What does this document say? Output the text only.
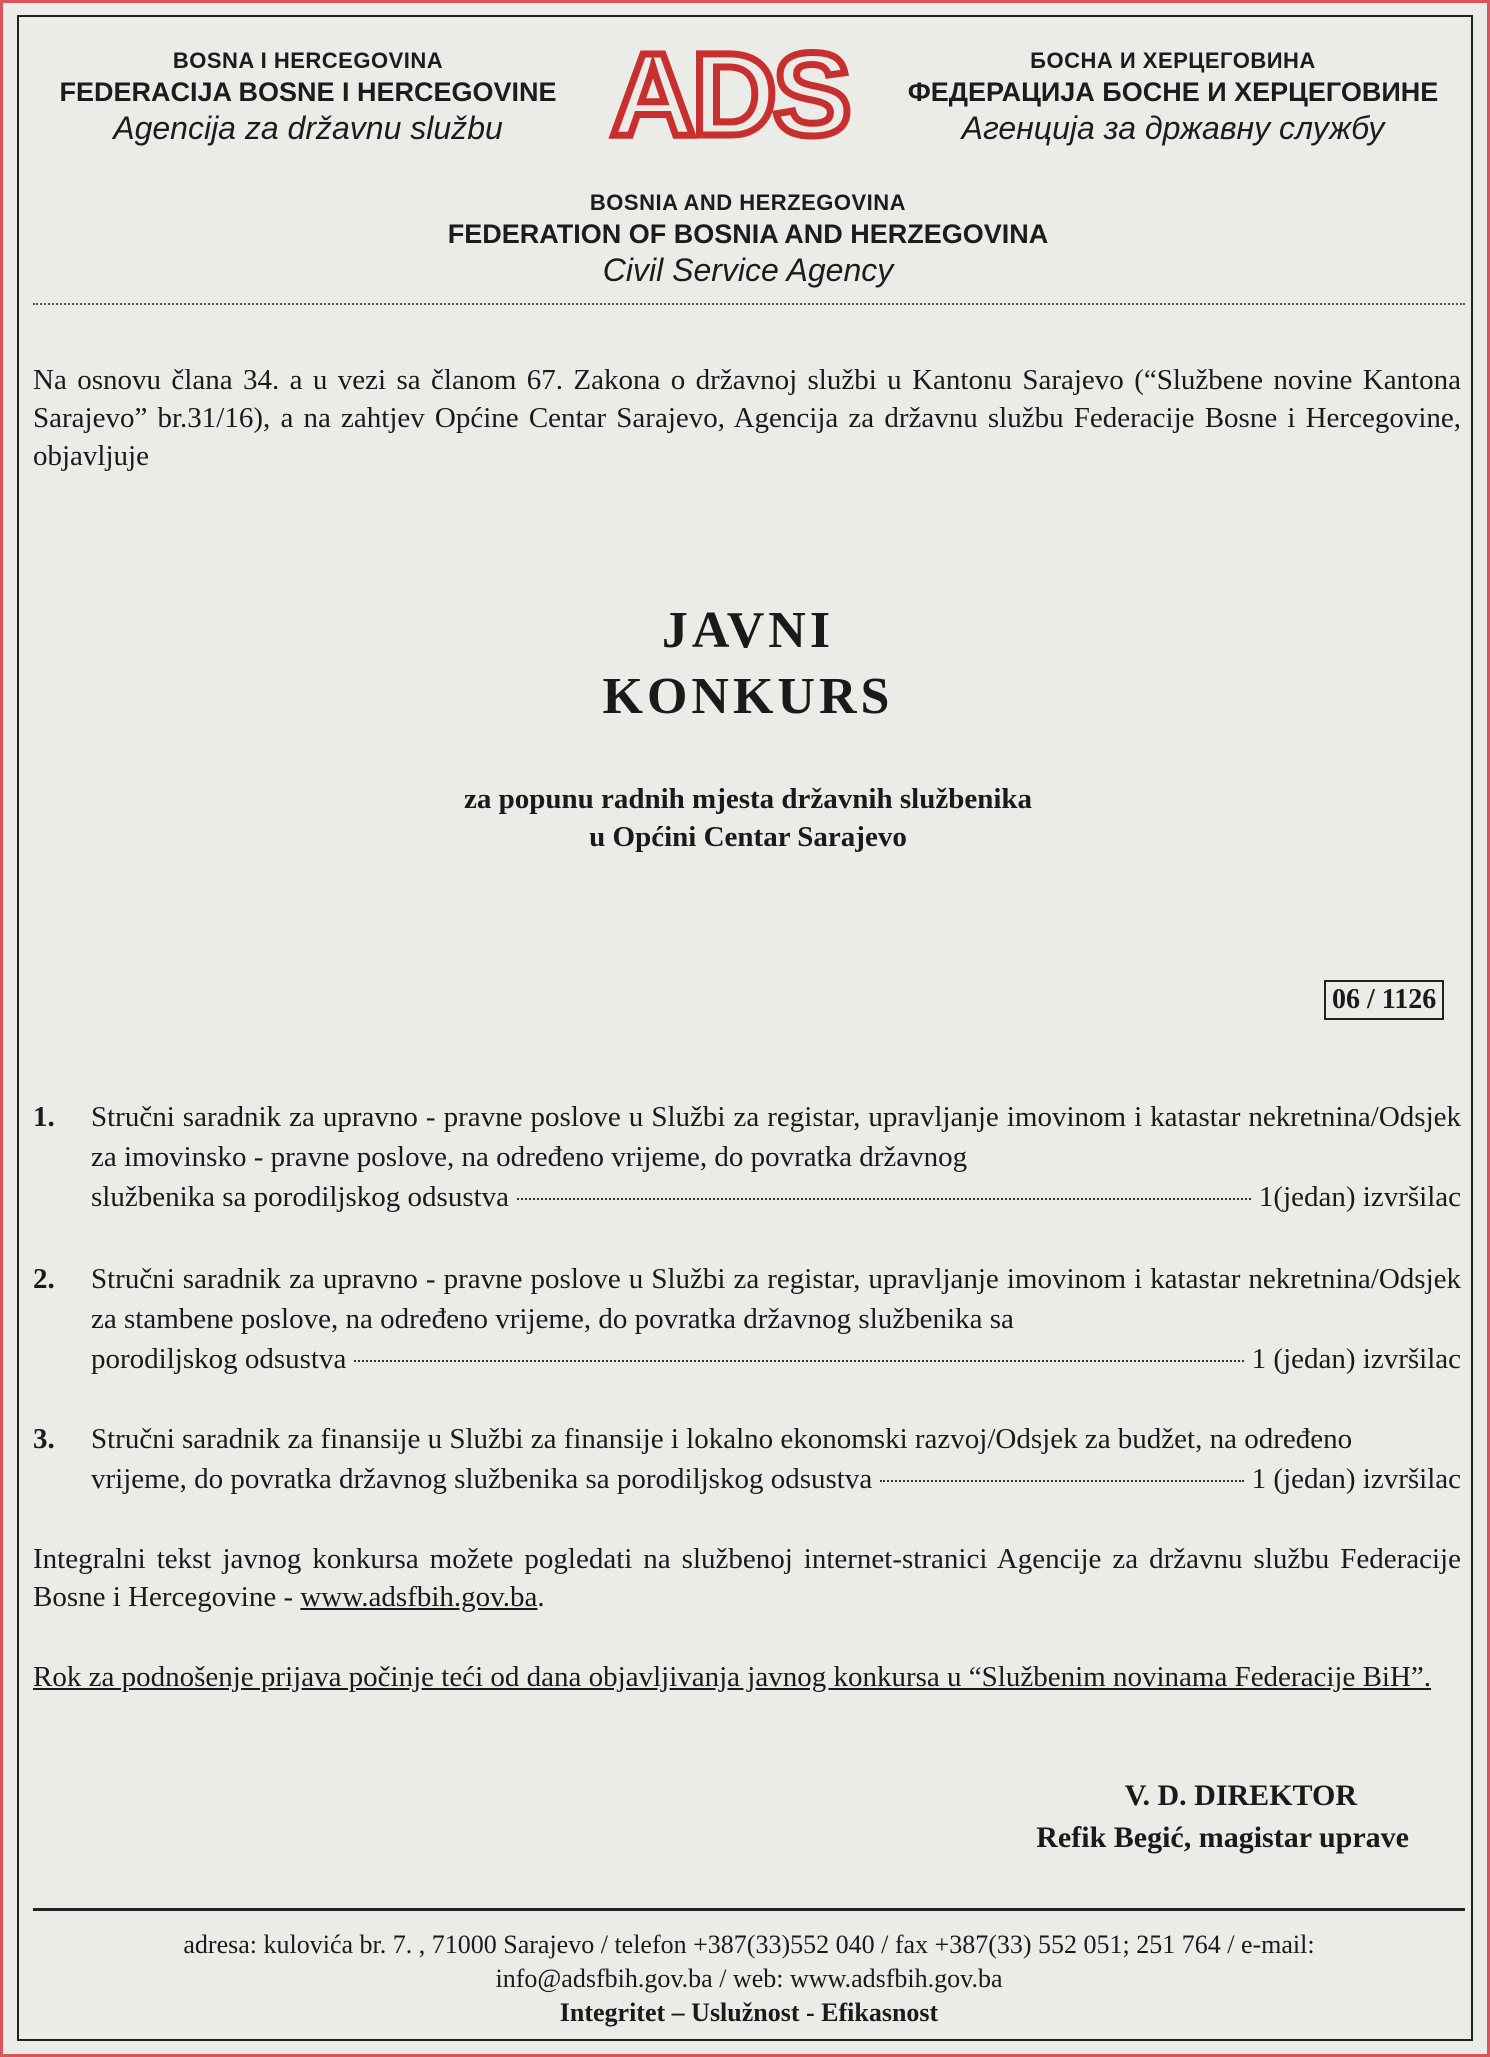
BOSNA I HERCEGOVINA
FEDERACIJA BOSNE I HERCEGOVINE
Agencija za državnu službu ADS	БОСНА И ХЕРЦЕГОВИНА
ФЕДЕРАЦИЈА БОСНЕ И ХЕРЦЕГОВИНЕ
Агенција за државну службу
BOSNIA AND HERZEGOVINA
FEDERATION OF BOSNIA AND HERZEGOVINA
Civil Service Agency
Na osnovu člana 34. a u vezi sa članom 67. Zakona o državnoj službi u Kantonu Sarajevo (“Službene novine Kantona Sarajevo” br.31/16), a na zahtjev Općine Centar Sarajevo, Agencija za državnu službu Federacije Bosne i Hercegovine, objavljuje
JAVNI
KONKURS
za popunu radnih mjesta državnih službenika
u Općini Centar Sarajevo
06 / 1126
1. Stručni saradnik za upravno - pravne poslove u Službi za registar, upravljanje imovinom i katastar nekretnina/Odsjek za imovinsko - pravne poslove, na određeno vrijeme, do povratka državnog
službenika sa porodiljskog odsustva	1(jedan) izvršilac
2. Stručni saradnik za upravno - pravne poslove u Službi za registar, upravljanje imovinom i katastar nekretnina/Odsjek za stambene poslove, na određeno vrijeme, do povratka državnog službenika sa
porodiljskog odsustva	1 (jedan) izvršilac
3. Stručni saradnik za finansije u Službi za finansije i lokalno ekonomski razvoj/Odsjek za budžet, na određeno
vrijeme, do povratka državnog službenika sa porodiljskog odsustva	1 (jedan) izvršilac
Integralni tekst javnog konkursa možete pogledati na službenoj internet-stranici Agencije za državnu službu Federacije Bosne i Hercegovine - www.adsfbih.gov.ba.
Rok za podnošenje prijava počinje teći od dana objavljivanja javnog konkursa u “Službenim novinama Federacije BiH”.
V. D. DIREKTOR
Refik Begić, magistar uprave
adresa: kulovića br. 7. , 71000 Sarajevo / telefon +387(33)552 040 / fax +387(33) 552 051; 251 764 / e-mail:
info@adsfbih.gov.ba / web: www.adsfbih.gov.ba
Integritet – Uslužnost - Efikasnost
